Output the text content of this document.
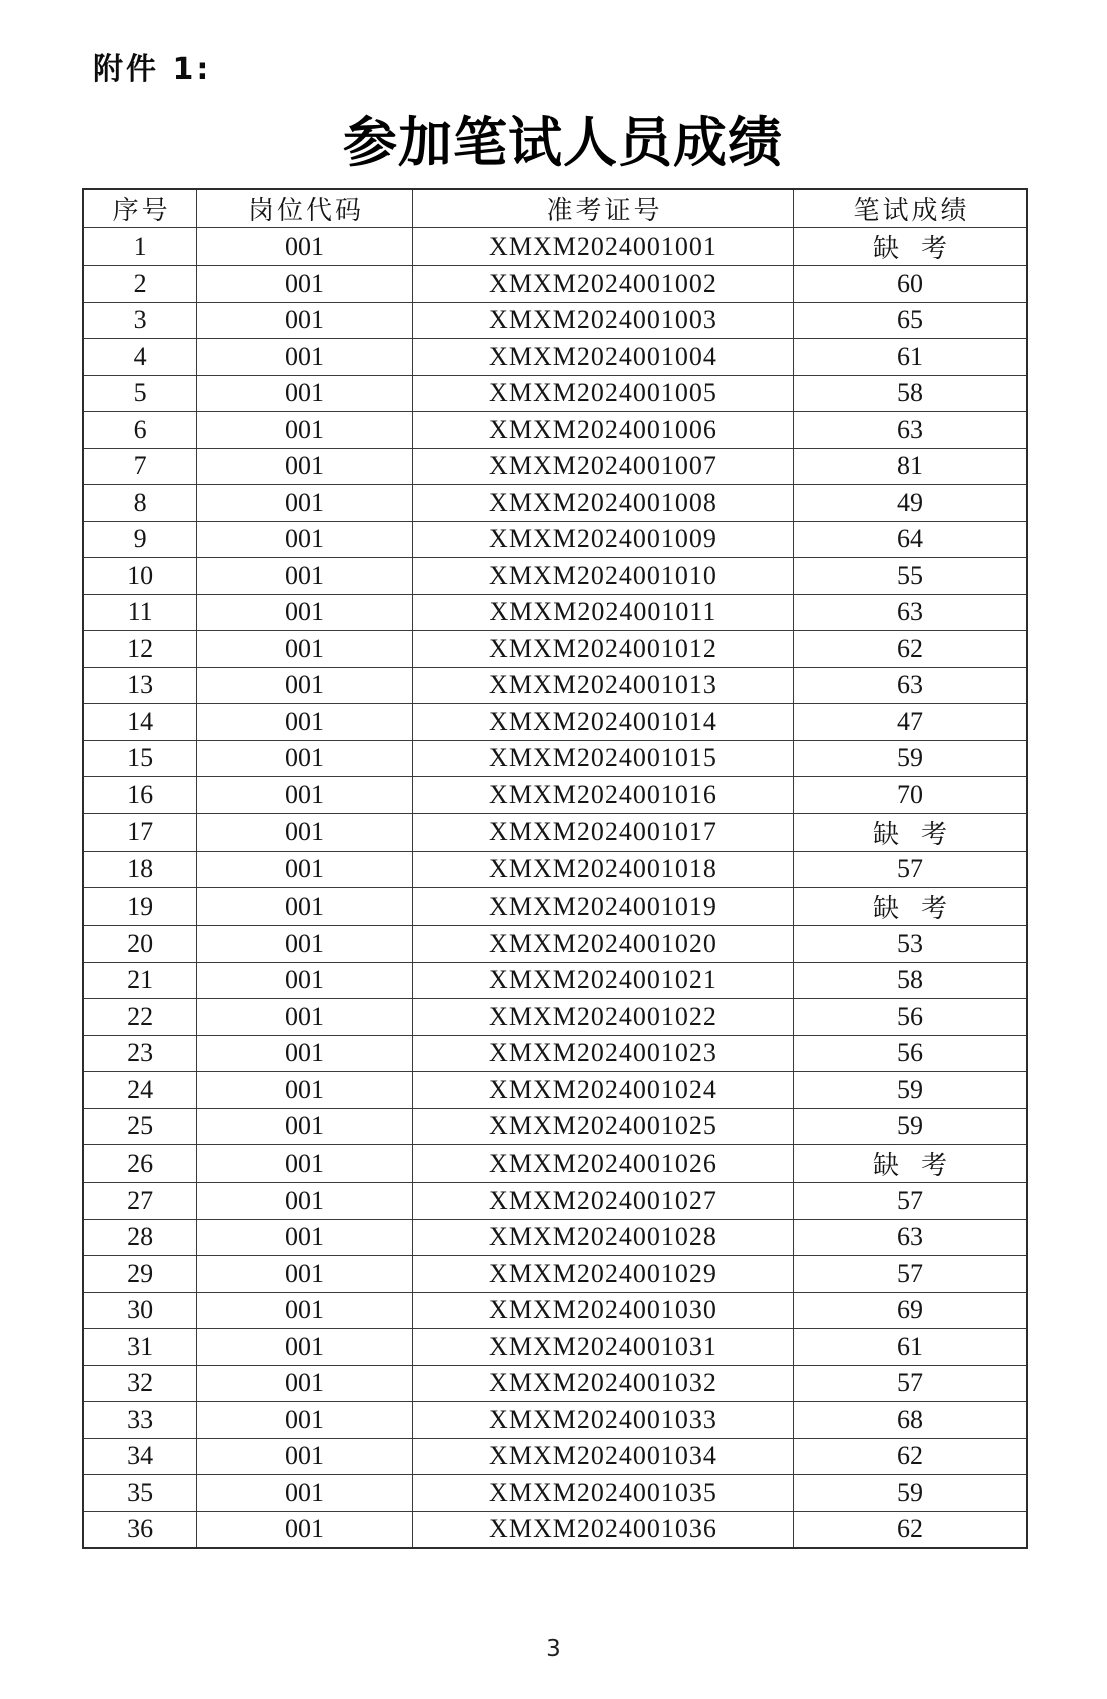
附件 1:
参加笔试人员成绩
序号	岗位代码	准考证号	笔试成绩
1	001	XMXM2024001001	缺考
2	001	XMXM2024001002	60
3	001	XMXM2024001003	65
4	001	XMXM2024001004	61
5	001	XMXM2024001005	58
6	001	XMXM2024001006	63
7	001	XMXM2024001007	81
8	001	XMXM2024001008	49
9	001	XMXM2024001009	64
10	001	XMXM2024001010	55
11	001	XMXM2024001011	63
12	001	XMXM2024001012	62
13	001	XMXM2024001013	63
14	001	XMXM2024001014	47
15	001	XMXM2024001015	59
16	001	XMXM2024001016	70
17	001	XMXM2024001017	缺考
18	001	XMXM2024001018	57
19	001	XMXM2024001019	缺考
20	001	XMXM2024001020	53
21	001	XMXM2024001021	58
22	001	XMXM2024001022	56
23	001	XMXM2024001023	56
24	001	XMXM2024001024	59
25	001	XMXM2024001025	59
26	001	XMXM2024001026	缺考
27	001	XMXM2024001027	57
28	001	XMXM2024001028	63
29	001	XMXM2024001029	57
30	001	XMXM2024001030	69
31	001	XMXM2024001031	61
32	001	XMXM2024001032	57
33	001	XMXM2024001033	68
34	001	XMXM2024001034	62
35	001	XMXM2024001035	59
36	001	XMXM2024001036	62
3
